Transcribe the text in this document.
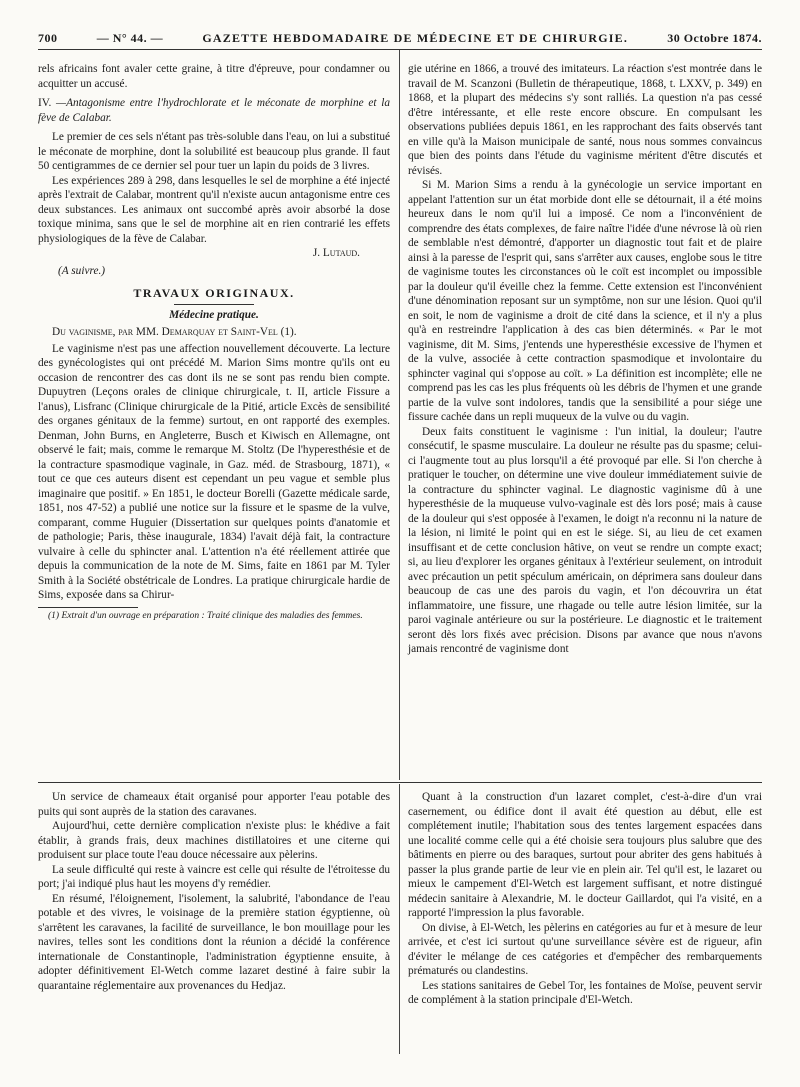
700	— N° 44. —	GAZETTE HEBDOMADAIRE DE MÉDECINE ET DE CHIRURGIE.	30 Octobre 1874.

rels africains font avaler cette graine, à titre d'épreuve, pour condamner ou acquitter un accusé.

IV. —Antagonisme entre l'hydrochlorate et le méconate de morphine et la fève de Calabar.

Le premier de ces sels n'étant pas très-soluble dans l'eau, on lui a substitué le méconate de morphine, dont la solubilité est beaucoup plus grande. Il faut 50 centigrammes de ce dernier sel pour tuer un lapin du poids de 3 livres.

Les expériences 289 à 298, dans lesquelles le sel de morphine a été injecté après l'extrait de Calabar, montrent qu'il n'existe aucun antagonisme entre ces deux substances. Les animaux ont succombé après avoir absorbé la dose toxique minima, sans que le sel de morphine ait en rien contrarié les effets physiologiques de la fève de Calabar.

J. Lutaud.

(A suivre.)

TRAVAUX ORIGINAUX.

Médecine pratique.

Du vaginisme, par MM. Demarquay et Saint-Vel (1).

Le vaginisme n'est pas une affection nouvellement découverte. La lecture des gynécologistes qui ont précédé M. Marion Sims montre qu'ils ont eu occasion de rencontrer des cas dont ils ne se sont pas rendu bien compte. Dupuytren (Leçons orales de clinique chirurgicale, t. II, article Fissure a l'anus), Lisfranc (Clinique chirurgicale de la Pitié, article Excès de sensibilité des organes génitaux de la femme) surtout, en ont rapporté des exemples. Denman, John Burns, en Angleterre, Busch et Kiwisch en Allemagne, ont observé le fait; mais, comme le remarque M. Stoltz (De l'hyperesthésie et de la contracture spasmodique vaginale, in Gaz. méd. de Strasbourg, 1871), « tout ce que ces auteurs disent est cependant un peu vague et semble plus imaginaire que positif. » En 1851, le docteur Borelli (Gazette médicale sarde, 1851, nos 47-52) a publié une notice sur la fissure et le spasme de la vulve, comparant, comme Huguier (Dissertation sur quelques points d'anatomie et de pathologie; Paris, thèse inaugurale, 1834) l'avait déjà fait, la contracture vulvaire à celle du sphincter anal. L'attention n'a été réellement attirée que depuis la communication de la note de M. Sims, faite en 1861 par M. Tyler Smith à la Société obstétricale de Londres. La pratique chirurgicale hardie de Sims, exposée dans sa Chirur-

(1) Extrait d'un ouvrage en préparation : Traité clinique des maladies des femmes.

gie utérine en 1866, a trouvé des imitateurs. La réaction s'est montrée dans le travail de M. Scanzoni (Bulletin de thérapeutique, 1868, t. LXXV, p. 349) en 1868, et la plupart des médecins s'y sont ralliés. La question n'a pas cessé d'être intéressante, et elle reste encore obscure. En compulsant les observations publiées depuis 1861, en les rapprochant des faits observés tant en ville qu'à la Maison municipale de santé, nous nous sommes convaincus que bien des points dans l'étude du vaginisme méritent d'être discutés et révisés.

Si M. Marion Sims a rendu à la gynécologie un service important en appelant l'attention sur un état morbide dont elle se détournait, il a été moins heureux dans le nom qu'il lui a imposé. Ce nom a l'inconvénient de comprendre des états complexes, de faire naître l'idée d'une névrose là où rien de semblable n'est démontré, d'apporter un diagnostic tout fait et de plaire ainsi à la paresse de l'esprit qui, sans s'arrêter aux causes, englobe sous le titre de vaginisme toutes les circonstances où le coït est incomplet ou impossible par la douleur qu'il éveille chez la femme. Cette extension est l'inconvénient d'une dénomination reposant sur un symptôme, non sur une lésion. Quoi qu'il en soit, le nom de vaginisme a droit de cité dans la science, et il n'y a plus qu'à en restreindre l'application à des cas bien déterminés. « Par le mot vaginisme, dit M. Sims, j'entends une hyperesthésie excessive de l'hymen et de la vulve, associée à cette contraction spasmodique et involontaire du sphincter vaginal qui s'oppose au coït. » La définition est incomplète; elle ne comprend pas les cas les plus fréquents où les débris de l'hymen et une grande partie de la vulve sont indolores, tandis que la sensibilité a pour siége une fissure cachée dans un repli muqueux de la vulve ou du vagin.

Deux faits constituent le vaginisme : l'un initial, la douleur; l'autre consécutif, le spasme musculaire. La douleur ne résulte pas du spasme; celui-ci l'augmente tout au plus lorsqu'il a été provoqué par elle. Si l'on cherche à pratiquer le toucher, on détermine une vive douleur immédiatement suivie de la contracture du sphincter vaginal. Le diagnostic vaginisme dû à une hyperesthésie de la muqueuse vulvo-vaginale est dès lors posé; mais à cause de la douleur qui s'est opposée à l'examen, le doigt n'a reconnu ni la nature de la lésion, ni limité le point qui en est le siége. Si, au lieu de cet examen insuffisant et de cette conclusion hâtive, on veut se rendre un compte exact; si, au lieu d'explorer les organes génitaux à l'extérieur seulement, on introduit avec précaution un petit spéculum américain, on déprimera sans douleur dans beaucoup de cas une des parois du vagin, et l'on découvrira un état inflammatoire, une fissure, une rhagade ou telle autre lésion limitée, sur la paroi vaginale antérieure ou sur la postérieure. Le diagnostic et le traitement seront dès lors fixés avec précision. Disons par avance que nous n'avons jamais rencontré de vaginisme dont

Un service de chameaux était organisé pour apporter l'eau potable des puits qui sont auprès de la station des caravanes.

Aujourd'hui, cette dernière complication n'existe plus: le khédive a fait établir, à grands frais, deux machines distillatoires et une citerne qui produisent sur place toute l'eau douce nécessaire aux pèlerins.

La seule difficulté qui reste à vaincre est celle qui résulte de l'étroitesse du port; j'ai indiqué plus haut les moyens d'y remédier.

En résumé, l'éloignement, l'isolement, la salubrité, l'abondance de l'eau potable et des vivres, le voisinage de la première station égyptienne, où s'arrêtent les caravanes, la facilité de surveillance, le bon mouillage pour les navires, telles sont les conditions dont la réunion a décidé la conférence internationale de Constantinople, l'administration égyptienne ensuite, à adopter définitivement El-Wetch comme lazaret destiné à faire subir la quarantaine réglementaire aux provenances du Hedjaz.

Quant à la construction d'un lazaret complet, c'est-à-dire d'un vrai casernement, ou édifice dont il avait été question au début, elle est complétement inutile; l'habitation sous des tentes largement espacées dans une localité comme celle qui a été choisie sera toujours plus salubre que des bâtiments en pierre ou des baraques, surtout pour abriter des gens habitués à passer la plus grande partie de leur vie en plein air. Tel qu'il est, le lazaret ou mieux le campement d'El-Wetch est largement suffisant, et notre distingué médecin sanitaire à Alexandrie, M. le docteur Gaillardot, qui l'a visité, en a rapporté l'impression la plus favorable.

On divise, à El-Wetch, les pèlerins en catégories au fur et à mesure de leur arrivée, et c'est ici surtout qu'une surveillance sévère est de rigueur, afin d'éviter le mélange de ces catégories et d'empêcher des rembarquements prématurés ou clandestins.

Les stations sanitaires de Gebel Tor, les fontaines de Moïse, peuvent servir de complément à la station principale d'El-Wetch.
